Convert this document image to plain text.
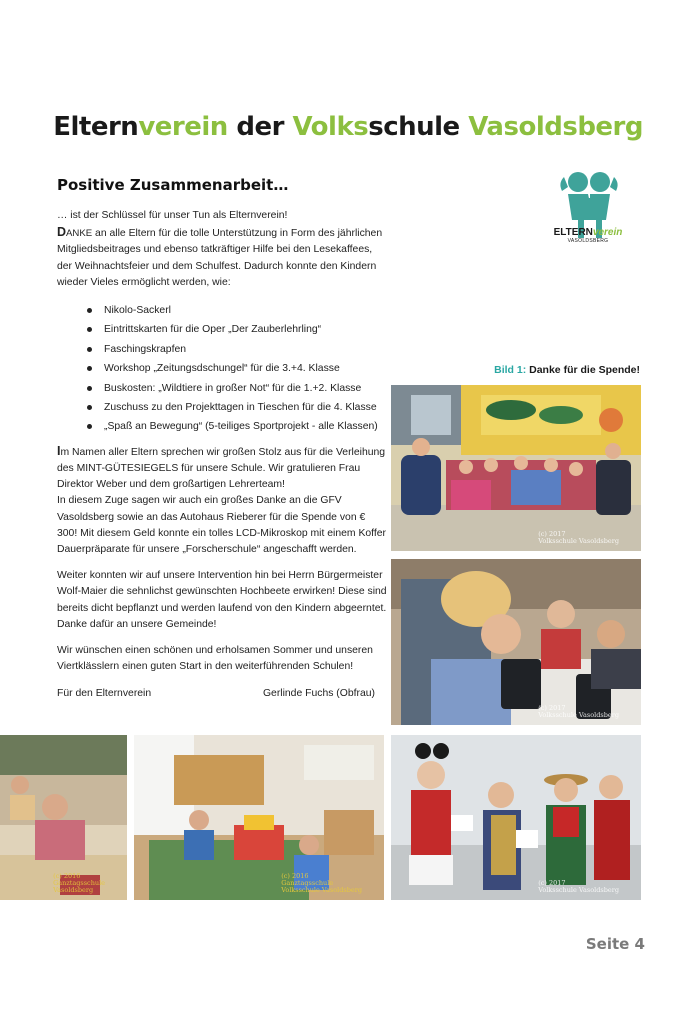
Elternverein der Volksschule Vasoldsberg
Positive Zusammenarbeit…
ELTERNverein
VASOLDSBERG

… ist der Schlüssel für unser Tun als Elternverein!

DANKE an alle Eltern für die tolle Unterstützung in Form des jährlichen Mitgliedsbeitrages und ebenso tatkräftiger Hilfe bei den Lesekaffees, der Weihnachtsfeier und dem Schulfest. Dadurch konnte den Kindern wieder Vieles ermöglicht werden, wie:

Nikolo-Sackerl
Eintrittskarten für die Oper „Der Zauberlehrling“
Faschingskrapfen
Workshop „Zeitungsdschungel“ für die 3.+4. Klasse
Buskosten: „Wildtiere in großer Not“ für die 1.+2. Klasse
Zuschuss zu den Projekttagen in Tieschen für die 4. Klasse
„Spaß an Bewegung“ (5-teiliges Sportprojekt - alle Klassen)

Im Namen aller Eltern sprechen wir großen Stolz aus für die Verleihung des MINT-GÜTESIEGELS für unsere Schule. Wir gratulieren Frau Direktor Weber und dem großartigen Lehrerteam!

In diesem Zuge sagen wir auch ein großes Danke an die GFV Vasoldsberg sowie an das Autohaus Rieberer für die Spende von € 300! Mit diesem Geld konnte ein tolles LCD-Mikroskop mit einem Koffer Dauerpräparate für unsere „Forscherschule“ angeschafft werden.

Weiter konnten wir auf unsere Intervention hin bei Herrn Bürgermeister Wolf-Maier die sehnlichst gewünschten Hochbeete erwirken! Diese sind bereits dicht bepflanzt und werden laufend von den Kindern abgeerntet. Danke dafür an unsere Gemeinde!

Wir wünschen einen schönen und erholsamen Sommer und unseren Viertklässlern einen guten Start in den weiterführenden Schulen!

Für den Elternverein	Gerlinde Fuchs (Obfrau)
Bild 1: Danke für die Spende!
(c) 2017
Volksschule Vasoldsberg
(c) 2017
Volksschule Vasoldsberg
(c) 2016
Ganztagsschule
Vasoldsberg
(c) 2016
Ganztagsschule
Volksschule Vasoldsberg
(c) 2017
Volksschule Vasoldsberg
Seite 4
